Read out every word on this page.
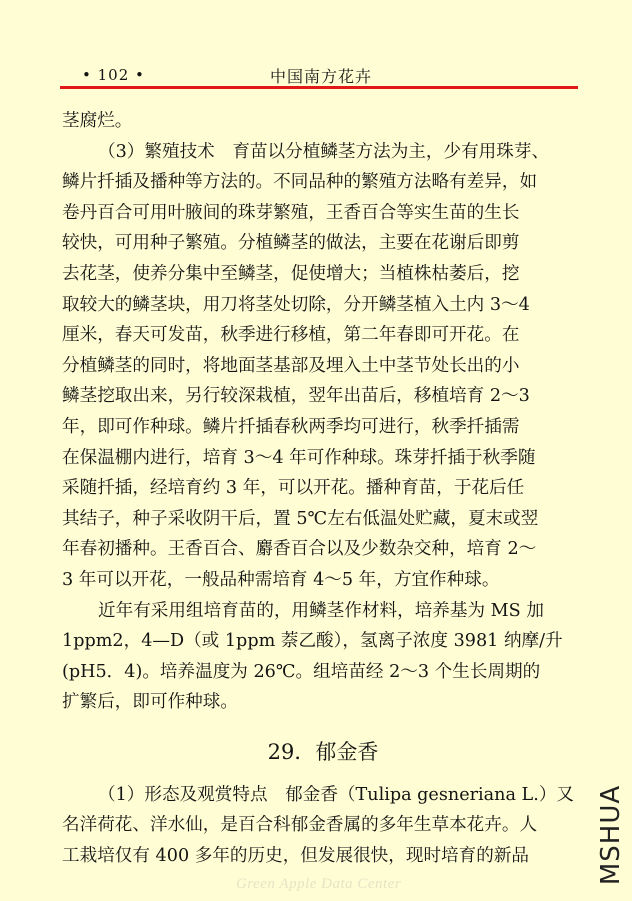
• 102 •	中国南方花卉
茎腐烂。
（3）繁殖技术　育苗以分植鳞茎方法为主，少有用珠芽、
鳞片扦插及播种等方法的。不同品种的繁殖方法略有差异，如
卷丹百合可用叶腋间的珠芽繁殖，王香百合等实生苗的生长
较快，可用种子繁殖。分植鳞茎的做法，主要在花谢后即剪
去花茎，使养分集中至鳞茎，促使增大；当植株枯萎后，挖
取较大的鳞茎块，用刀将茎处切除，分开鳞茎植入土内 3～4
厘米，春天可发苗，秋季进行移植，第二年春即可开花。在
分植鳞茎的同时，将地面茎基部及埋入土中茎节处长出的小
鳞茎挖取出来，另行较深栽植，翌年出苗后，移植培育 2～3
年，即可作种球。鳞片扦插春秋两季均可进行，秋季扦插需
在保温棚内进行，培育 3～4 年可作种球。珠芽扦插于秋季随
采随扦插，经培育约 3 年，可以开花。播种育苗，于花后任
其结子，种子采收阴干后，置 5℃左右低温处贮藏，夏末或翌
年春初播种。王香百合、麝香百合以及少数杂交种，培育 2～
3 年可以开花，一般品种需培育 4～5 年，方宜作种球。
近年有采用组培育苗的，用鳞茎作材料，培养基为 MS 加
1ppm2，4—D（或 1ppm 萘乙酸），氢离子浓度 3981 纳摩/升
(pH5．4)。培养温度为 26℃。组培苗经 2～3 个生长周期的
扩繁后，即可作种球。
29．郁金香
（1）形态及观赏特点　郁金香（Tulipa gesneriana L.）又
名洋荷花、洋水仙，是百合科郁金香属的多年生草本花卉。人
工栽培仅有 400 多年的历史，但发展很快，现时培育的新品	MSHUA
Green Apple Data Center
